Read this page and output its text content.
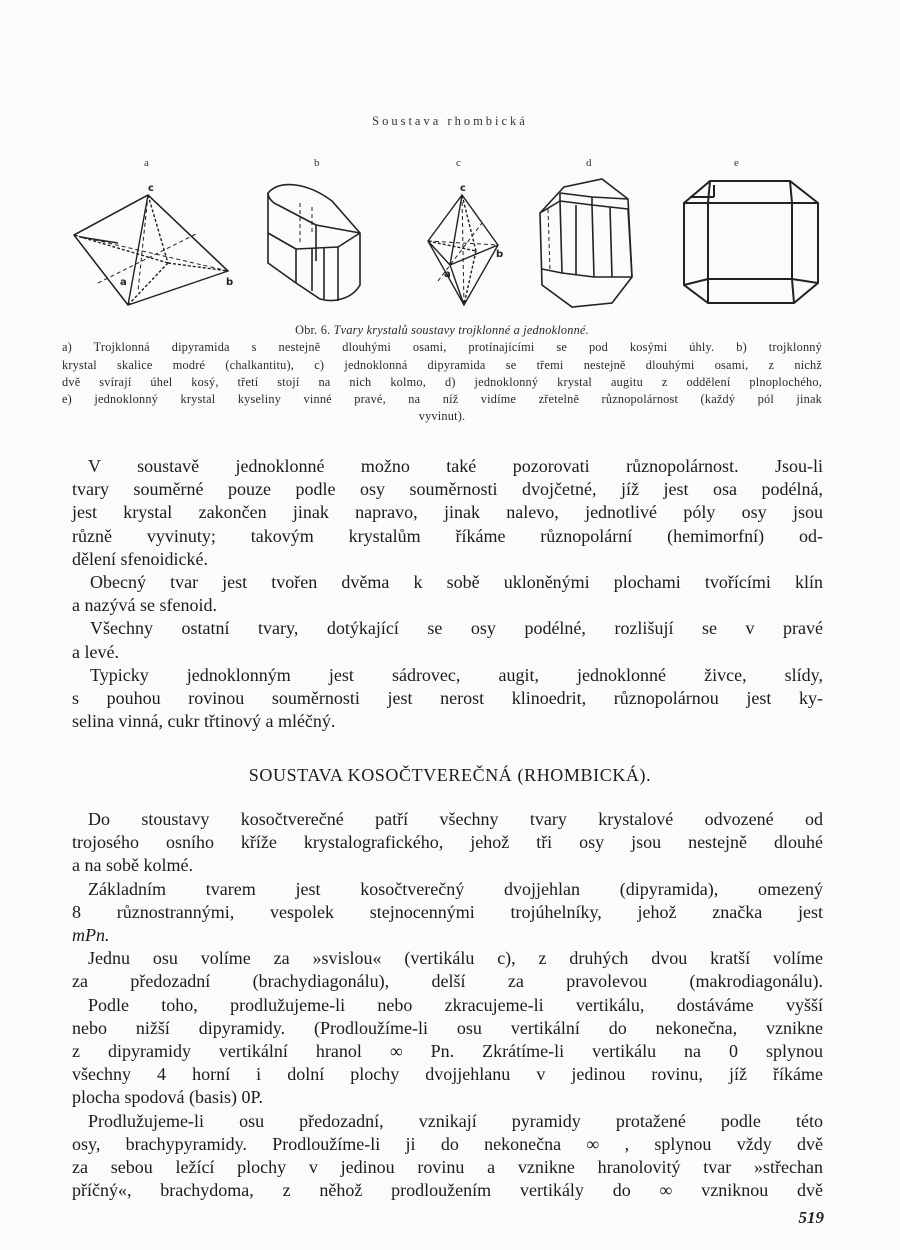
Soustava rhombická
a	b	c	d	e
c
a	b
c
a
b
Obr. 6. Tvary krystalů soustavy trojklonné a jednoklonné.
a) Trojklonná dipyramida s nestejně dlouhými osami, protínajícími se pod kosými úhly. b) trojklonný
krystal skalice modré (chalkantitu), c) jednoklonná dipyramida se třemi nestejně dlouhými osami, z nichž
dvě svírají úhel kosý, třetí stojí na nich kolmo, d) jednoklonný krystal augitu z oddělení plnoplochého,
e) jednoklonný krystal kyseliny vinné pravé, na níž vidíme zřetelně různopolárnost (každý pól jinak
vyvinut).
V soustavě jednoklonné možno také pozorovati různopolárnost. Jsou-li
tvary souměrné pouze podle osy souměrnosti dvojčetné, jíž jest osa podélná,
jest krystal zakončen jinak napravo, jinak nalevo, jednotlivé póly osy jsou
různě vyvinuty; takovým krystalům říkáme různopolární (hemimorfní) od-
dělení sfenoidické.
Obecný tvar jest tvořen dvěma k sobě ukloněnými plochami tvořícími klín
a nazývá se sfenoid.
Všechny ostatní tvary, dotýkající se osy podélné, rozlišují se v pravé
a levé.
Typicky jednoklonným jest sádrovec, augit, jednoklonné živce, slídy,
s pouhou rovinou souměrnosti jest nerost klinoedrit, různopolárnou jest ky-
selina vinná, cukr třtinový a mléčný.
SOUSTAVA KOSOČTVEREČNÁ (RHOMBICKÁ).
Do stoustavy kosočtverečné patří všechny tvary krystalové odvozené od
trojosého osního kříže krystalografického, jehož tři osy jsou nestejně dlouhé
a na sobě kolmé.
Základním tvarem jest kosočtverečný dvojjehlan (dipyramida), omezený
8 různostrannými, vespolek stejnocennými trojúhelníky, jehož značka jest
mPn.
Jednu osu volíme za »svislou« (vertikálu c), z druhých dvou kratší volíme
za předozadní (brachydiagonálu), delší za pravolevou (makrodiagonálu).
Podle toho, prodlužujeme-li nebo zkracujeme-li vertikálu, dostáváme vyšší
nebo nižší dipyramidy. (Prodloužíme-li osu vertikální do nekonečna, vznikne
z dipyramidy vertikální hranol ∞ Pn. Zkrátíme-li vertikálu na 0 splynou
všechny 4 horní i dolní plochy dvojjehlanu v jedinou rovinu, jíž říkáme
plocha spodová (basis) 0P.
Prodlužujeme-li osu předozadní, vznikají pyramidy protažené podle této
osy, brachypyramidy. Prodloužíme-li ji do nekonečna ∞ , splynou vždy dvě
za sebou ležící plochy v jedinou rovinu a vznikne hranolovitý tvar »střechan
příčný«, brachydoma, z něhož prodloužením vertikály do ∞ vzniknou dvě
519
